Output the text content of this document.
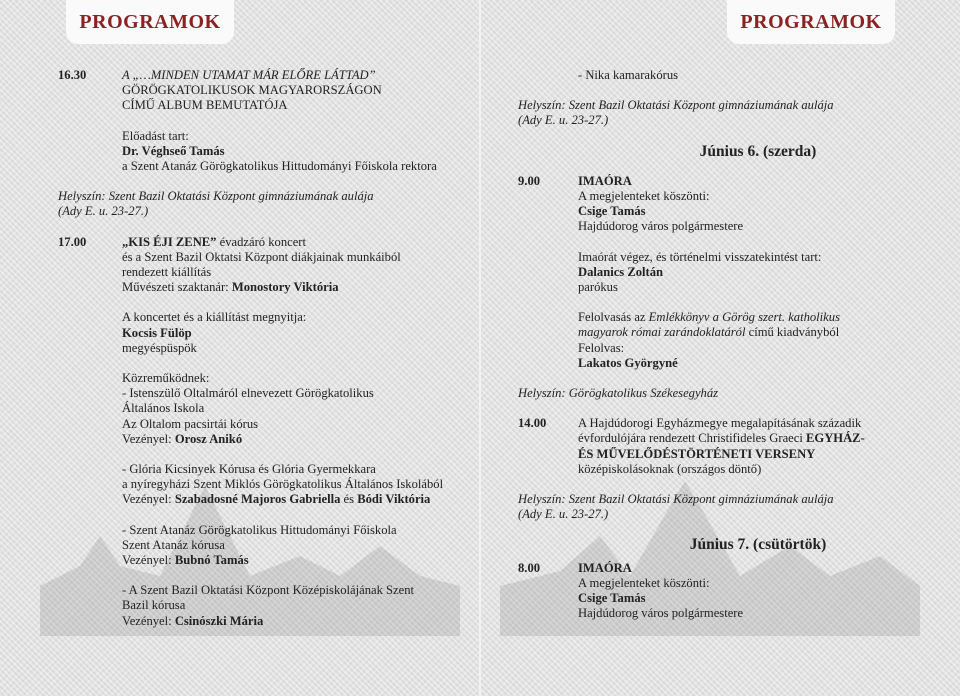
PROGRAMOK	PROGRAMOK
16.30	A „…MINDEN UTAMAT MÁR ELŐRE LÁTTAD”
GÖRÖGKATOLIKUSOK MAGYARORSZÁGON
CÍMŰ ALBUM BEMUTATÓJA
Előadást tart:
Dr. Véghseő Tamás
a Szent Atanáz Görögkatolikus Hittudományi Főiskola rektora
Helyszín: Szent Bazil Oktatási Központ gimnáziumának aulája
(Ady E. u. 23-27.)
17.00	„KIS ÉJI ZENE” évadzáró koncert
és a Szent Bazil Oktatsi Központ diákjainak munkáiból
rendezett kiállítás
Művészeti szaktanár: Monostory Viktória
A koncertet és a kiállítást megnyitja:
Kocsis Fülöp
megyéspüspök
Közreműködnek:
- Istenszülő Oltalmáról elnevezett Görögkatolikus
Általános Iskola
Az Oltalom pacsirtái kórus
Vezényel: Orosz Anikó
- Glória Kicsinyek Kórusa és Glória Gyermekkara
a nyíregyházi Szent Miklós Görögkatolikus Általános Iskolából
Vezényel: Szabadosné Majoros Gabriella és Bódi Viktória
- Szent Atanáz Görögkatolikus Hittudományi Főiskola
Szent Atanáz kórusa
Vezényel: Bubnó Tamás
- A Szent Bazil Oktatási Központ Középiskolájának Szent
Bazil kórusa
Vezényel: Csinószki Mária
- Nika kamarakórus
Helyszín: Szent Bazil Oktatási Központ gimnáziumának aulája
(Ady E. u. 23-27.)
Június 6. (szerda)
9.00	IMAÓRA
A megjelenteket köszönti:
Csige Tamás
Hajdúdorog város polgármestere
Imaórát végez, és történelmi visszatekintést tart:
Dalanics Zoltán
parókus
Felolvasás az Emlékkönyv a Görög szert. katholikus
magyarok római zarándoklatáról című kiadványból
Felolvas:
Lakatos Györgyné
Helyszín: Görögkatolikus Székesegyház
14.00	A Hajdúdorogi Egyházmegye megalapításának századik
évfordulójára rendezett Christifideles Graeci EGYHÁZ-
ÉS MŰVELŐDÉSTÖRTÉNETI VERSENY
középiskolásoknak (országos döntő)
Helyszín: Szent Bazil Oktatási Központ gimnáziumának aulája
(Ady E. u. 23-27.)
Június 7. (csütörtök)
8.00	IMAÓRA
A megjelenteket köszönti:
Csige Tamás
Hajdúdorog város polgármestere
